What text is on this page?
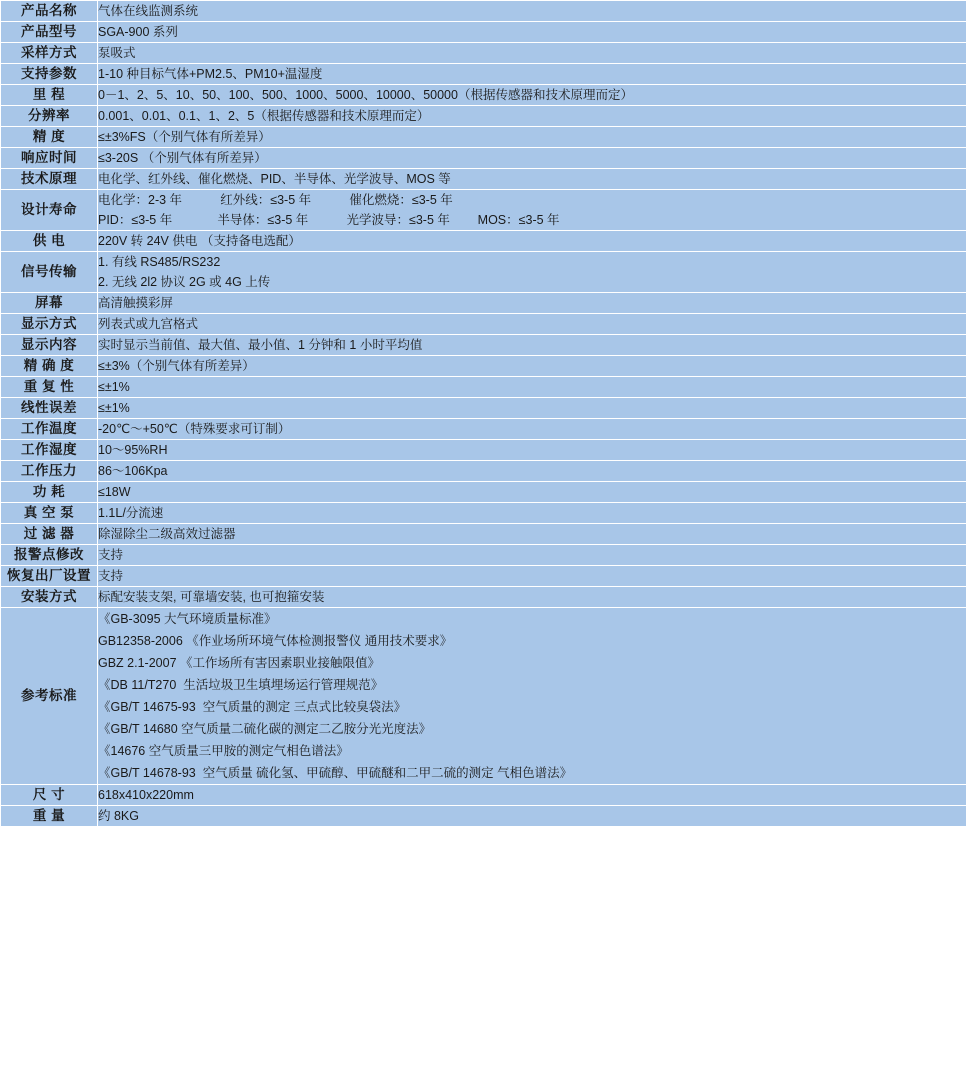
产品名称	气体在线监测系统
产品型号	SGA-900 系列
采样方式	泵吸式
支持参数	1-10 种目标气体+PM2.5、PM10+温湿度
里 程	0－1、2、5、10、50、100、500、1000、5000、10000、50000（根据传感器和技术原理而定）
分辨率	0.001、0.01、0.1、1、2、5（根据传感器和技术原理而定）
精 度	≤±3%FS（个别气体有所差异）
响应时间	≤3-20S （个别气体有所差异）
技术原理	电化学、红外线、催化燃烧、PID、半导体、光学波导、MOS 等
设计寿命	电化学：2-3 年           红外线：≤3-5 年           催化燃烧：≤3-5 年
PID：≤3-5 年             半导体：≤3-5 年           光学波导：≤3-5 年        MOS：≤3-5 年

供 电	220V 转 24V 供电 （支持备电选配）
信号传输	1. 有线 RS485/RS232
2. 无线 2l2 协议 2G 或 4G 上传

屏幕	高清触摸彩屏
显示方式	列表式或九宫格式
显示内容	实时显示当前值、最大值、最小值、1 分钟和 1 小时平均值
精 确 度	≤±3%（个别气体有所差异）
重 复 性	≤±1%
线性误差	≤±1%
工作温度	-20℃～+50℃（特殊要求可订制）
工作湿度	10～95%RH
工作压力	86～106Kpa
功 耗	≤18W
真 空 泵	1.1L/分流速
过 滤 器	除湿除尘二级高效过滤器
报警点修改	支持
恢复出厂设置	支持
安装方式	标配安装支架, 可靠墙安装, 也可抱箍安装
参考标准	
《GB-3095 大气环境质量标准》
GB12358-2006 《作业场所环境气体检测报警仪 通用技术要求》
GBZ 2.1-2007 《工作场所有害因素职业接触限值》
《DB 11/T270  生活垃圾卫生填埋场运行管理规范》
《GB/T 14675-93  空气质量的测定 三点式比较臭袋法》
《GB/T 14680 空气质量二硫化碳的测定二乙胺分光光度法》
《14676 空气质量三甲胺的测定气相色谱法》
《GB/T 14678-93  空气质量 硫化氢、甲硫醇、甲硫醚和二甲二硫的测定 气相色谱法》

尺 寸	618x410x220mm
重 量	约 8KG
